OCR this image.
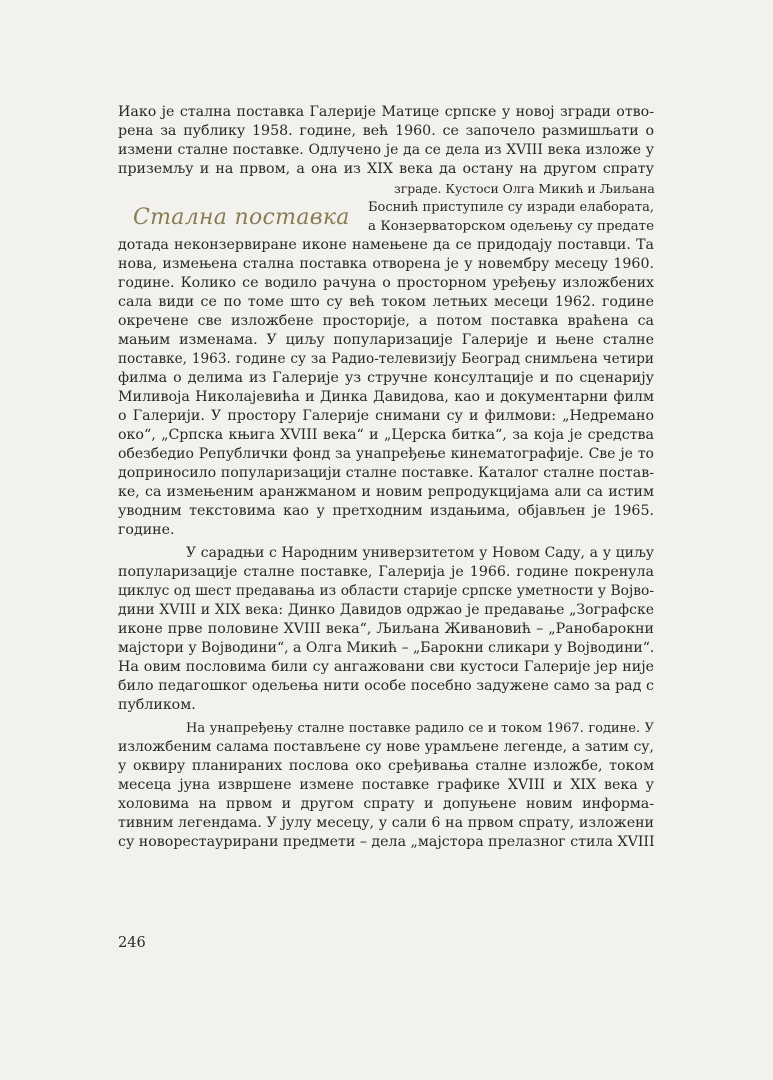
Иако је стална поставка Галерије Матице српске у новој згради отво-
рена за публику 1958. године, већ 1960. се започело размишљати о
измени сталне поставке. Одлучено је да се дела из XVIII века изложе у
приземљу и на првом, а она из XIX века да остану на другом спрату
зграде. Кустоси Олга Микић и Љиљана
Боснић приступиле су изради елабората,
а Конзерваторском одељењу су предате
Стална поставка
дотада неконзервиране иконе намењене да се придодају поставци. Та
нова, измењена стална поставка отворена је у новембру месецу 1960.
године. Колико се водило рачуна о просторном уређењу изложбених
сала види се по томе што су већ током летњих месеци 1962. године
окречене све изложбене просторије, а потом поставка враћена са
мањим изменама. У циљу популаризације Галерије и њене сталне
поставке, 1963. године су за Радио-телевизију Београд снимљена четири
филма о делима из Галерије уз стручне консултације и по сценарију
Миливоја Николајевића и Динка Давидова, као и документарни филм
о Галерији. У простору Галерије снимани су и филмови: „Недремано
око“, „Српска књига XVIII века“ и „Церска битка“, за која је средства
обезбедио Републички фонд за унапређење кинематографије. Све је то
доприносило популаризацији сталне поставке. Каталог сталне постав-
ке, са измењеним аранжманом и новим репродукцијама али са истим
уводним текстовима као у претходним издањима, објављен је 1965.
године.
У сарадњи с Народним универзитетом у Новом Саду, а у циљу
популаризације сталне поставке, Галерија је 1966. године покренула
циклус од шест предавања из области старије српске уметности у Војво-
дини XVIII и XIX века: Динко Давидов одржао је предавање „Зографске
иконе прве половине XVIII века“, Љиљана Живановић – „Ранобарокни
мајстори у Војводини“, а Олга Микић – „Барокни сликари у Војводини“.
На овим пословима били су ангажовани сви кустоси Галерије јер није
било педагошког одељења нити особе посебно задужене само за рад с
публиком.
На унапређењу сталне поставке радило се и током 1967. године. У
изложбеним салама постављене су нове урамљене легенде, а затим су,
у оквиру планираних послова око сређивања сталне изложбе, током
месеца јуна извршене измене поставке графике XVIII и XIX века у
холовима на првом и другом спрату и допуњене новим информа-
тивним легендама. У јулу месецу, у сали 6 на првом спрату, изложени
су новорестаурирани предмети – дела „мајстора прелазног стила XVIII
246
